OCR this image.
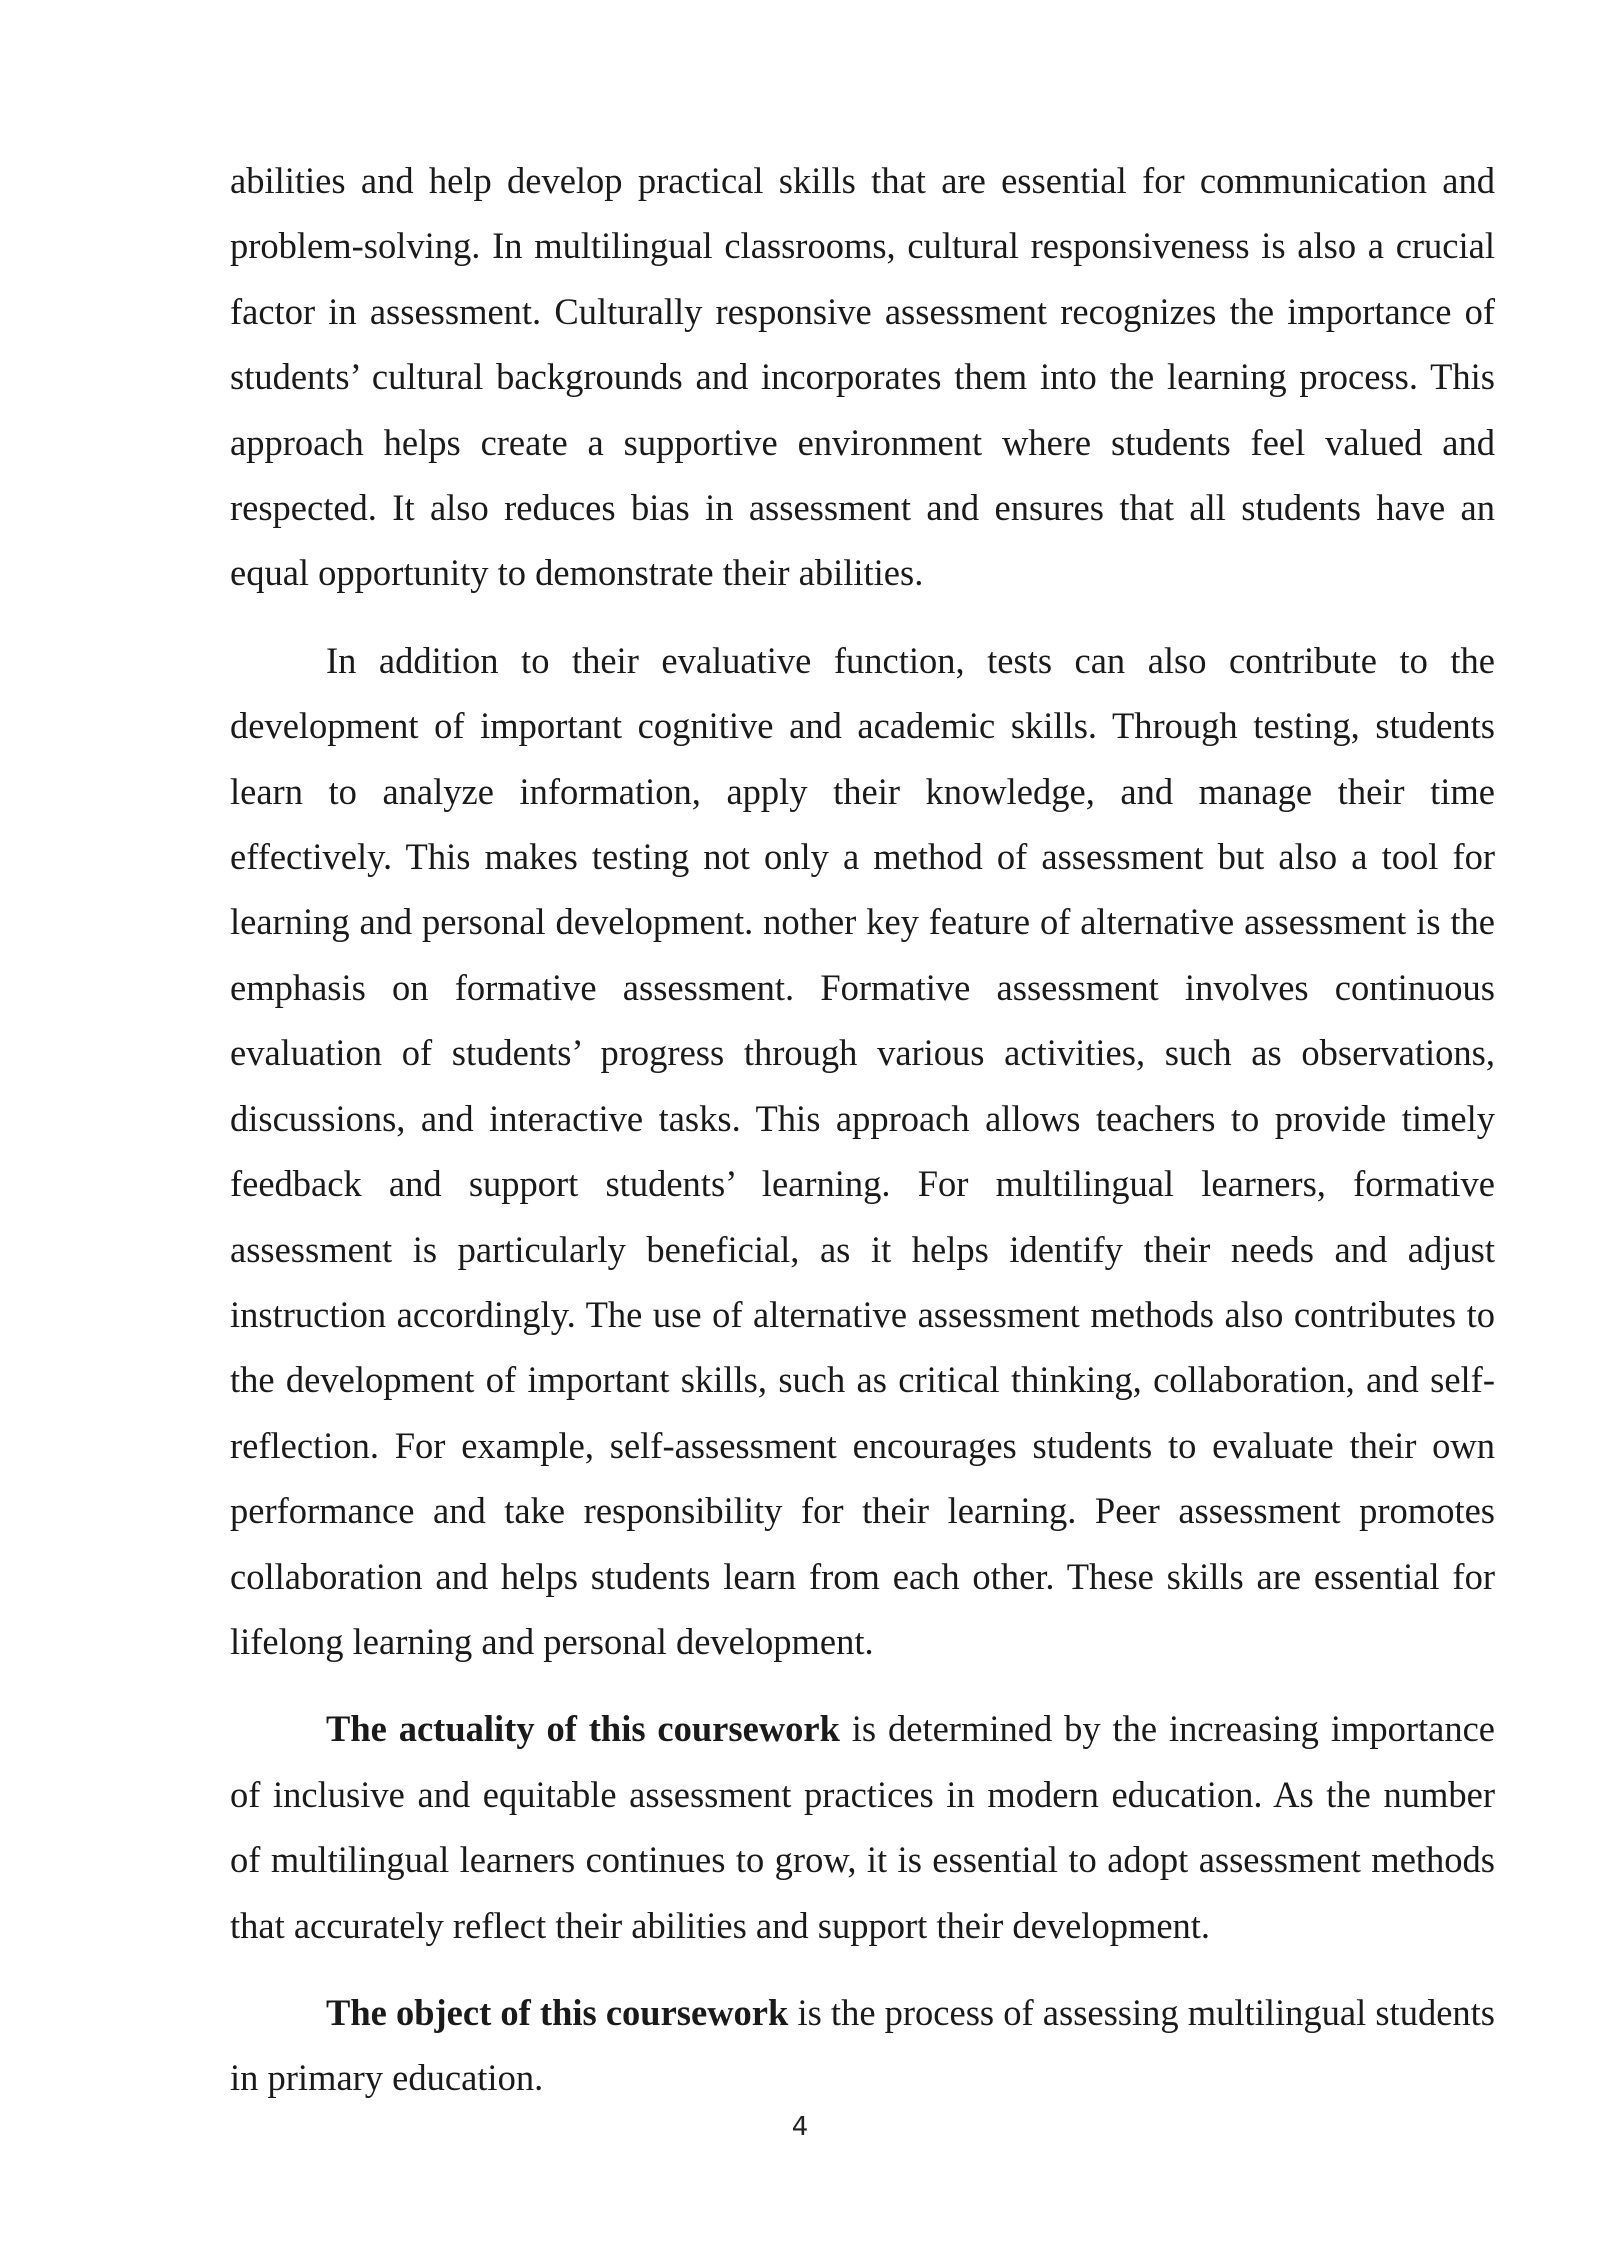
abilities and help develop practical skills that are essential for communication and problem-solving. In multilingual classrooms, cultural responsiveness is also a crucial factor in assessment. Culturally responsive assessment recognizes the importance of students’ cultural backgrounds and incorporates them into the learning process. This approach helps create a supportive environment where students feel valued and respected. It also reduces bias in assessment and ensures that all students have an equal opportunity to demonstrate their abilities.

In addition to their evaluative function, tests can also contribute to the development of important cognitive and academic skills. Through testing, students learn to analyze information, apply their knowledge, and manage their time effectively. This makes testing not only a method of assessment but also a tool for learning and personal development. nother key feature of alternative assessment is the emphasis on formative assessment. Formative assessment involves continuous evaluation of students’ progress through various activities, such as observations, discussions, and interactive tasks. This approach allows teachers to provide timely feedback and support students’ learning. For multilingual learners, formative assessment is particularly beneficial, as it helps identify their needs and adjust instruction accordingly. The use of alternative assessment methods also contributes to the development of important skills, such as critical thinking, collaboration, and self-reflection. For example, self-assessment encourages students to evaluate their own performance and take responsibility for their learning. Peer assessment promotes collaboration and helps students learn from each other. These skills are essential for lifelong learning and personal development.

The actuality of this coursework is determined by the increasing importance of inclusive and equitable assessment practices in modern education. As the number of multilingual learners continues to grow, it is essential to adopt assessment methods that accurately reflect their abilities and support their development.

The object of this coursework is the process of assessing multilingual students in primary education.

4
